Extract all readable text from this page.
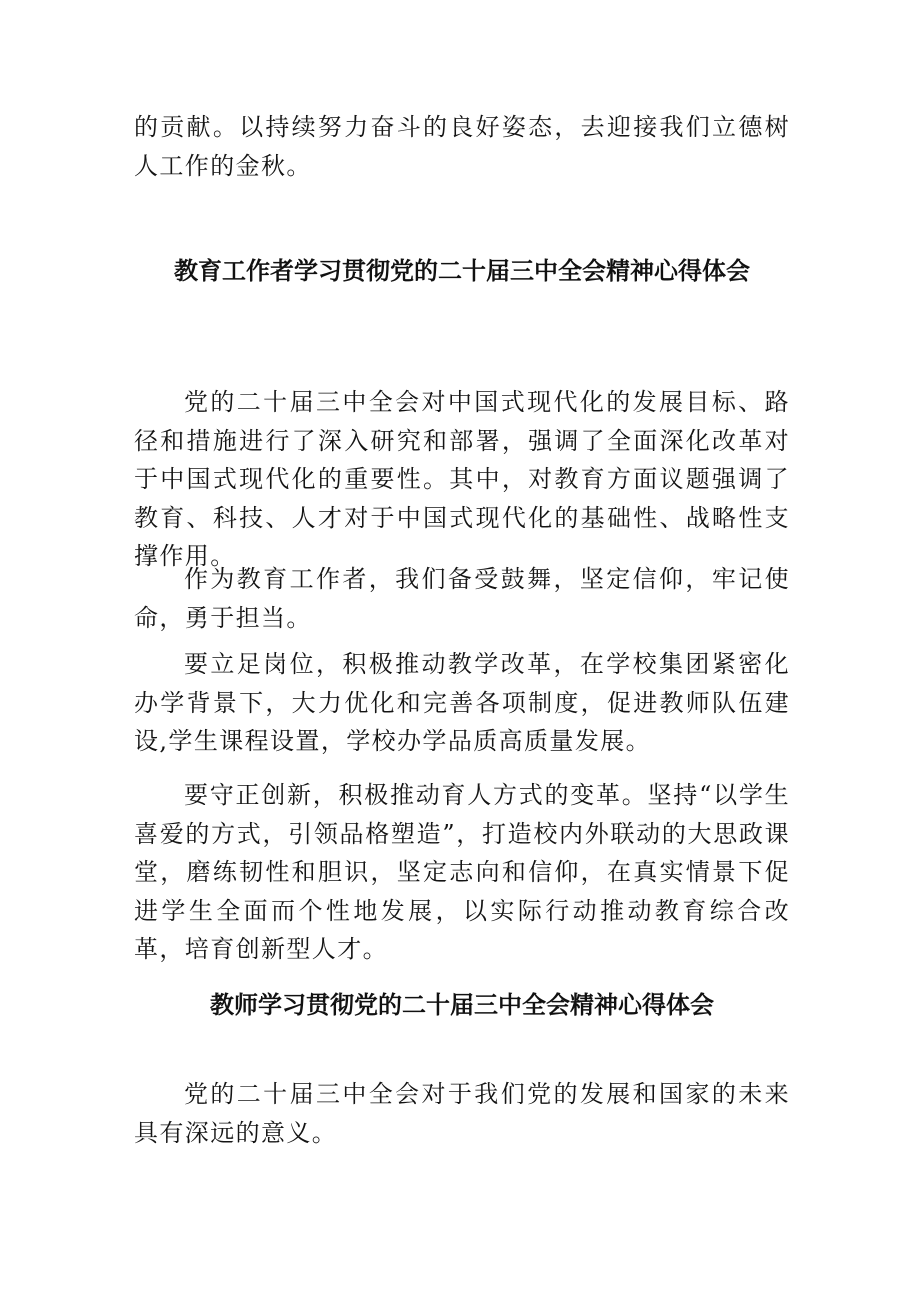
的贡献。以持续努力奋斗的良好姿态，去迎接我们立德树人工作的金秋。

教育工作者学习贯彻党的二十届三中全会精神心得体会

党的二十届三中全会对中国式现代化的发展目标、路径和措施进行了深入研究和部署，强调了全面深化改革对于中国式现代化的重要性。其中，对教育方面议题强调了教育、科技、人才对于中国式现代化的基础性、战略性支撑作用。

作为教育工作者，我们备受鼓舞，坚定信仰，牢记使命，勇于担当。

要立足岗位，积极推动教学改革，在学校集团紧密化办学背景下，大力优化和完善各项制度，促进教师队伍建设,学生课程设置，学校办学品质高质量发展。

要守正创新，积极推动育人方式的变革。坚持“以学生喜爱的方式，引领品格塑造”，打造校内外联动的大思政课堂，磨练韧性和胆识，坚定志向和信仰，在真实情景下促进学生全面而个性地发展，以实际行动推动教育综合改革，培育创新型人才。

教师学习贯彻党的二十届三中全会精神心得体会

党的二十届三中全会对于我们党的发展和国家的未来具有深远的意义。
